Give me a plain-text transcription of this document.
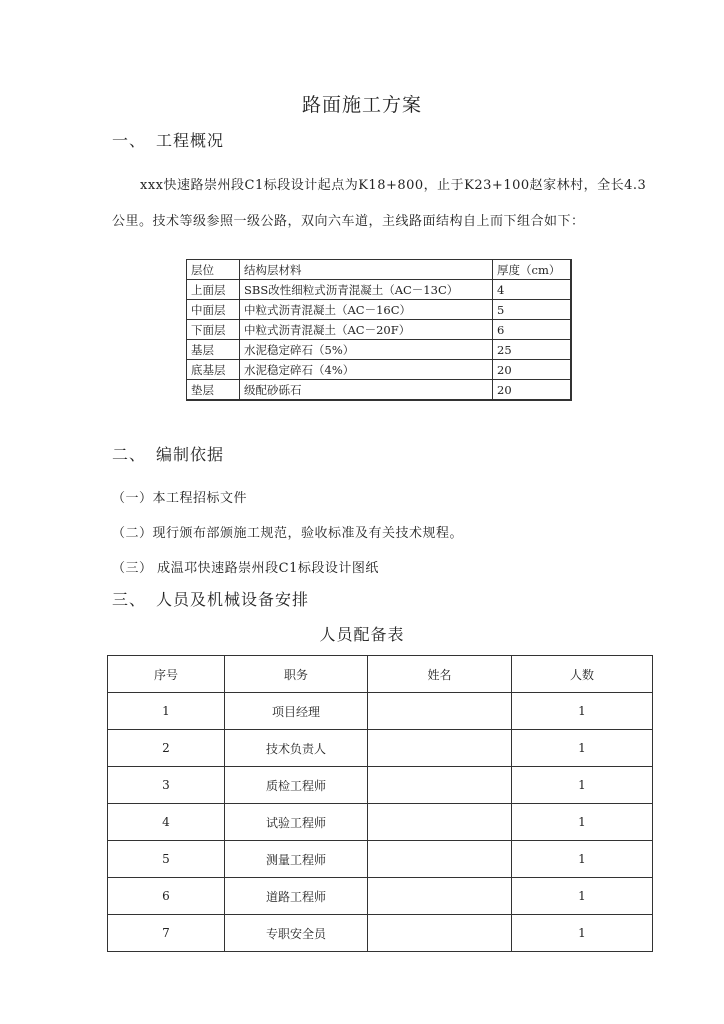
路面施工方案
一、 工程概况
xxx快速路崇州段C1标段设计起点为K18+800，止于K23+100赵家林村，全长4.3
公里。技术等级参照一级公路，双向六车道，主线路面结构自上而下组合如下：
层位	结构层材料	厚度（cm）
上面层	SBS改性细粒式沥青混凝土（AC－13C）	4
中面层	中粒式沥青混凝土（AC－16C）	5
下面层	中粒式沥青混凝土（AC－20F）	6
基层	水泥稳定碎石（5%）	25
底基层	水泥稳定碎石（4%）	20
垫层	级配砂砾石	20
二、 编制依据
（一）本工程招标文件
（二）现行颁布部颁施工规范，验收标准及有关技术规程。
（三） 成温邛快速路崇州段C1标段设计图纸
三、 人员及机械设备安排
人员配备表
序号	职务	姓名	人数
1	项目经理		1
2	技术负责人		1
3	质检工程师		1
4	试验工程师		1
5	测量工程师		1
6	道路工程师		1
7	专职安全员		1
